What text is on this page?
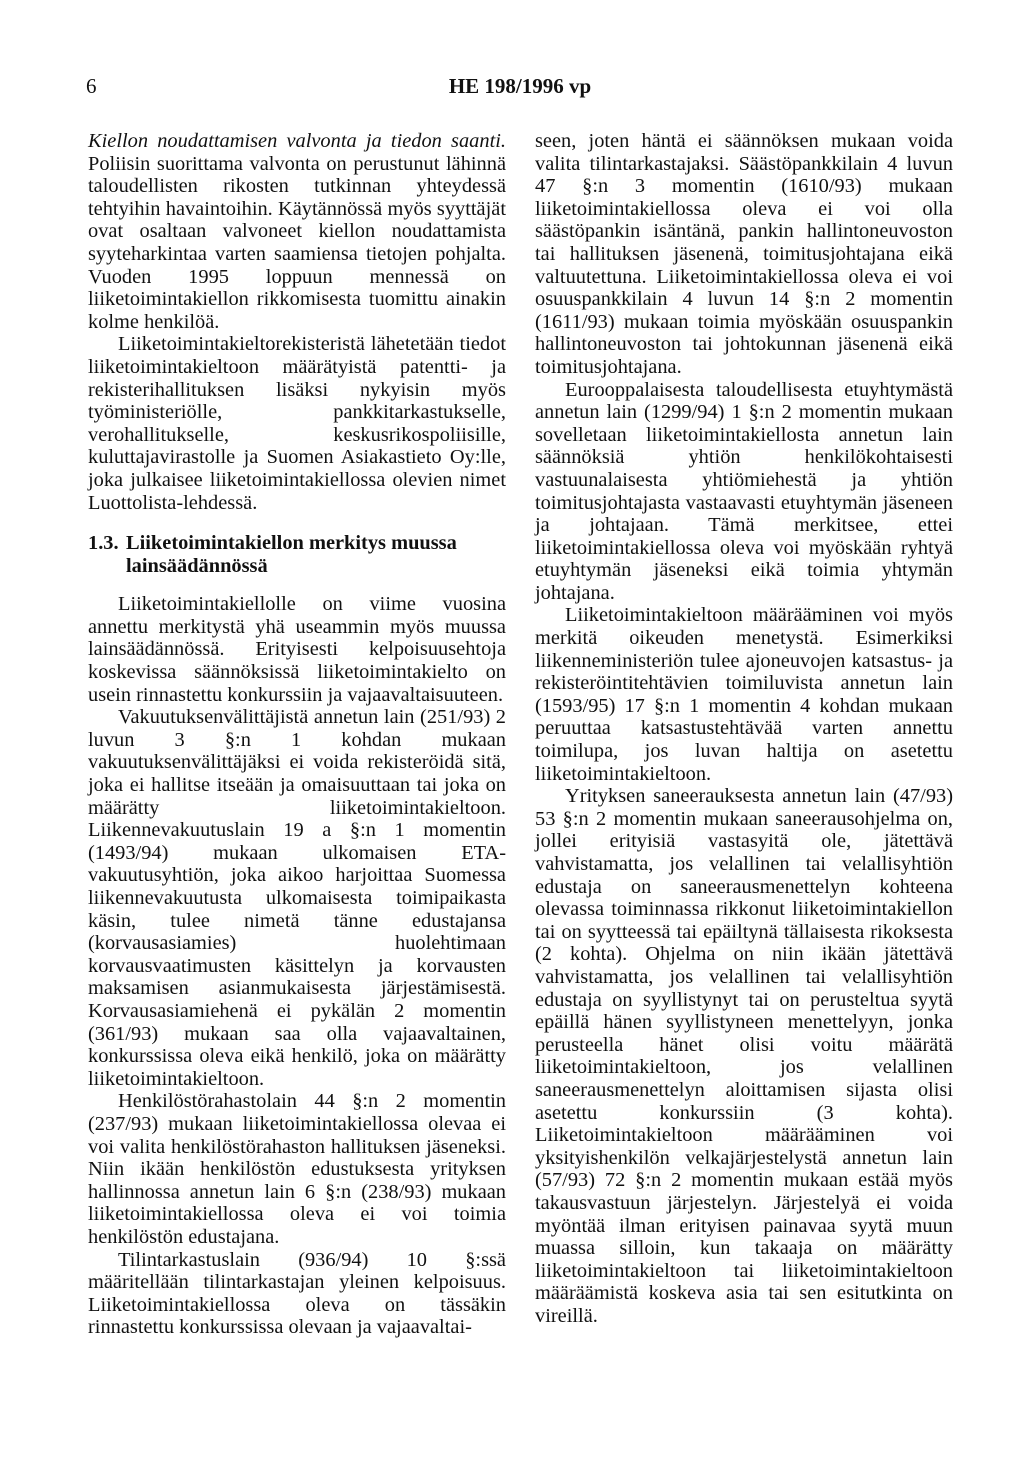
6	HE 198/1996 vp

Kiellon noudattamisen valvonta ja tiedon saanti. Poliisin suorittama valvonta on perustunut lähinnä taloudellisten rikosten tutkinnan yhteydessä tehtyihin havaintoihin. Käytännössä myös syyttäjät ovat osaltaan valvoneet kiellon noudattamista syyteharkintaa varten saamiensa tietojen pohjalta. Vuoden 1995 loppuun mennessä on liiketoimintakiellon rikkomisesta tuomittu ainakin kolme henkilöä.

Liiketoimintakieltorekisteristä lähetetään tiedot liiketoimintakieltoon määrätyistä patentti- ja rekisterihallituksen lisäksi nykyisin myös työministeriölle, pankkitarkastukselle, verohallitukselle, keskusrikospoliisille, kuluttajavirastolle ja Suomen Asiakastieto Oy:lle, joka julkaisee liiketoimintakiellossa olevien nimet Luottolista-lehdessä.

1.3. Liiketoimintakiellon merkitys muussa lainsäädännössä

Liiketoimintakiellolle on viime vuosina annettu merkitystä yhä useammin myös muussa lainsäädännössä. Erityisesti kelpoisuusehtoja koskevissa säännöksissä liiketoimintakielto on usein rinnastettu konkurssiin ja vajaavaltaisuuteen.

Vakuutuksenvälittäjistä annetun lain (251/93) 2 luvun 3 §:n 1 kohdan mukaan vakuutuksenvälittäjäksi ei voida rekisteröidä sitä, joka ei hallitse itseään ja omaisuuttaan tai joka on määrätty liiketoimintakieltoon. Liikennevakuutuslain 19 a §:n 1 momentin (1493/94) mukaan ulkomaisen ETA-vakuutusyhtiön, joka aikoo harjoittaa Suomessa liikennevakuutusta ulkomaisesta toimipaikasta käsin, tulee nimetä tänne edustajansa (korvausasiamies) huolehtimaan korvausvaatimusten käsittelyn ja korvausten maksamisen asianmukaisesta järjestämisestä. Korvausasiamiehenä ei pykälän 2 momentin (361/93) mukaan saa olla vajaavaltainen, konkurssissa oleva eikä henkilö, joka on määrätty liiketoimintakieltoon.

Henkilöstörahastolain 44 §:n 2 momentin (237/93) mukaan liiketoimintakiellossa olevaa ei voi valita henkilöstörahaston hallituksen jäseneksi. Niin ikään henkilöstön edustuksesta yrityksen hallinnossa annetun lain 6 §:n (238/93) mukaan liiketoimintakiellossa oleva ei voi toimia henkilöstön edustajana.

Tilintarkastuslain (936/94) 10 §:ssä määritellään tilintarkastajan yleinen kelpoisuus. Liiketoimintakiellossa oleva on tässäkin rinnastettu konkurssissa olevaan ja vajaavaltai-

seen, joten häntä ei säännöksen mukaan voida valita tilintarkastajaksi. Säästöpankkilain 4 luvun 47 §:n 3 momentin (1610/93) mukaan liiketoimintakiellossa oleva ei voi olla säästöpankin isäntänä, pankin hallintoneuvoston tai hallituksen jäsenenä, toimitusjohtajana eikä valtuutettuna. Liiketoimintakiellossa oleva ei voi osuuspankkilain 4 luvun 14 §:n 2 momentin (1611/93) mukaan toimia myöskään osuuspankin hallintoneuvoston tai johtokunnan jäsenenä eikä toimitusjohtajana.

Eurooppalaisesta taloudellisesta etuyhtymästä annetun lain (1299/94) 1 §:n 2 momentin mukaan sovelletaan liiketoimintakiellosta annetun lain säännöksiä yhtiön henkilökohtaisesti vastuunalaisesta yhtiömiehestä ja yhtiön toimitusjohtajasta vastaavasti etuyhtymän jäseneen ja johtajaan. Tämä merkitsee, ettei liiketoimintakiellossa oleva voi myöskään ryhtyä etuyhtymän jäseneksi eikä toimia yhtymän johtajana.

Liiketoimintakieltoon määrääminen voi myös merkitä oikeuden menetystä. Esimerkiksi liikenneministeriön tulee ajoneuvojen katsastus- ja rekisteröintitehtävien toimiluvista annetun lain (1593/95) 17 §:n 1 momentin 4 kohdan mukaan peruuttaa katsastustehtävää varten annettu toimilupa, jos luvan haltija on asetettu liiketoimintakieltoon.

Yrityksen saneerauksesta annetun lain (47/93) 53 §:n 2 momentin mukaan saneerausohjelma on, jollei erityisiä vastasyitä ole, jätettävä vahvistamatta, jos velallinen tai velallisyhtiön edustaja on saneerausmenettelyn kohteena olevassa toiminnassa rikkonut liiketoimintakiellon tai on syytteessä tai epäiltynä tällaisesta rikoksesta (2 kohta). Ohjelma on niin ikään jätettävä vahvistamatta, jos velallinen tai velallisyhtiön edustaja on syyllistynyt tai on perusteltua syytä epäillä hänen syyllistyneen menettelyyn, jonka perusteella hänet olisi voitu määrätä liiketoimintakieltoon, jos velallinen saneerausmenettelyn aloittamisen sijasta olisi asetettu konkurssiin (3 kohta). Liiketoimintakieltoon määrääminen voi yksityishenkilön velkajärjestelystä annetun lain (57/93) 72 §:n 2 momentin mukaan estää myös takausvastuun järjestelyn. Järjestelyä ei voida myöntää ilman erityisen painavaa syytä muun muassa silloin, kun takaaja on määrätty liiketoimintakieltoon tai liiketoimintakieltoon määräämistä koskeva asia tai sen esitutkinta on vireillä.
